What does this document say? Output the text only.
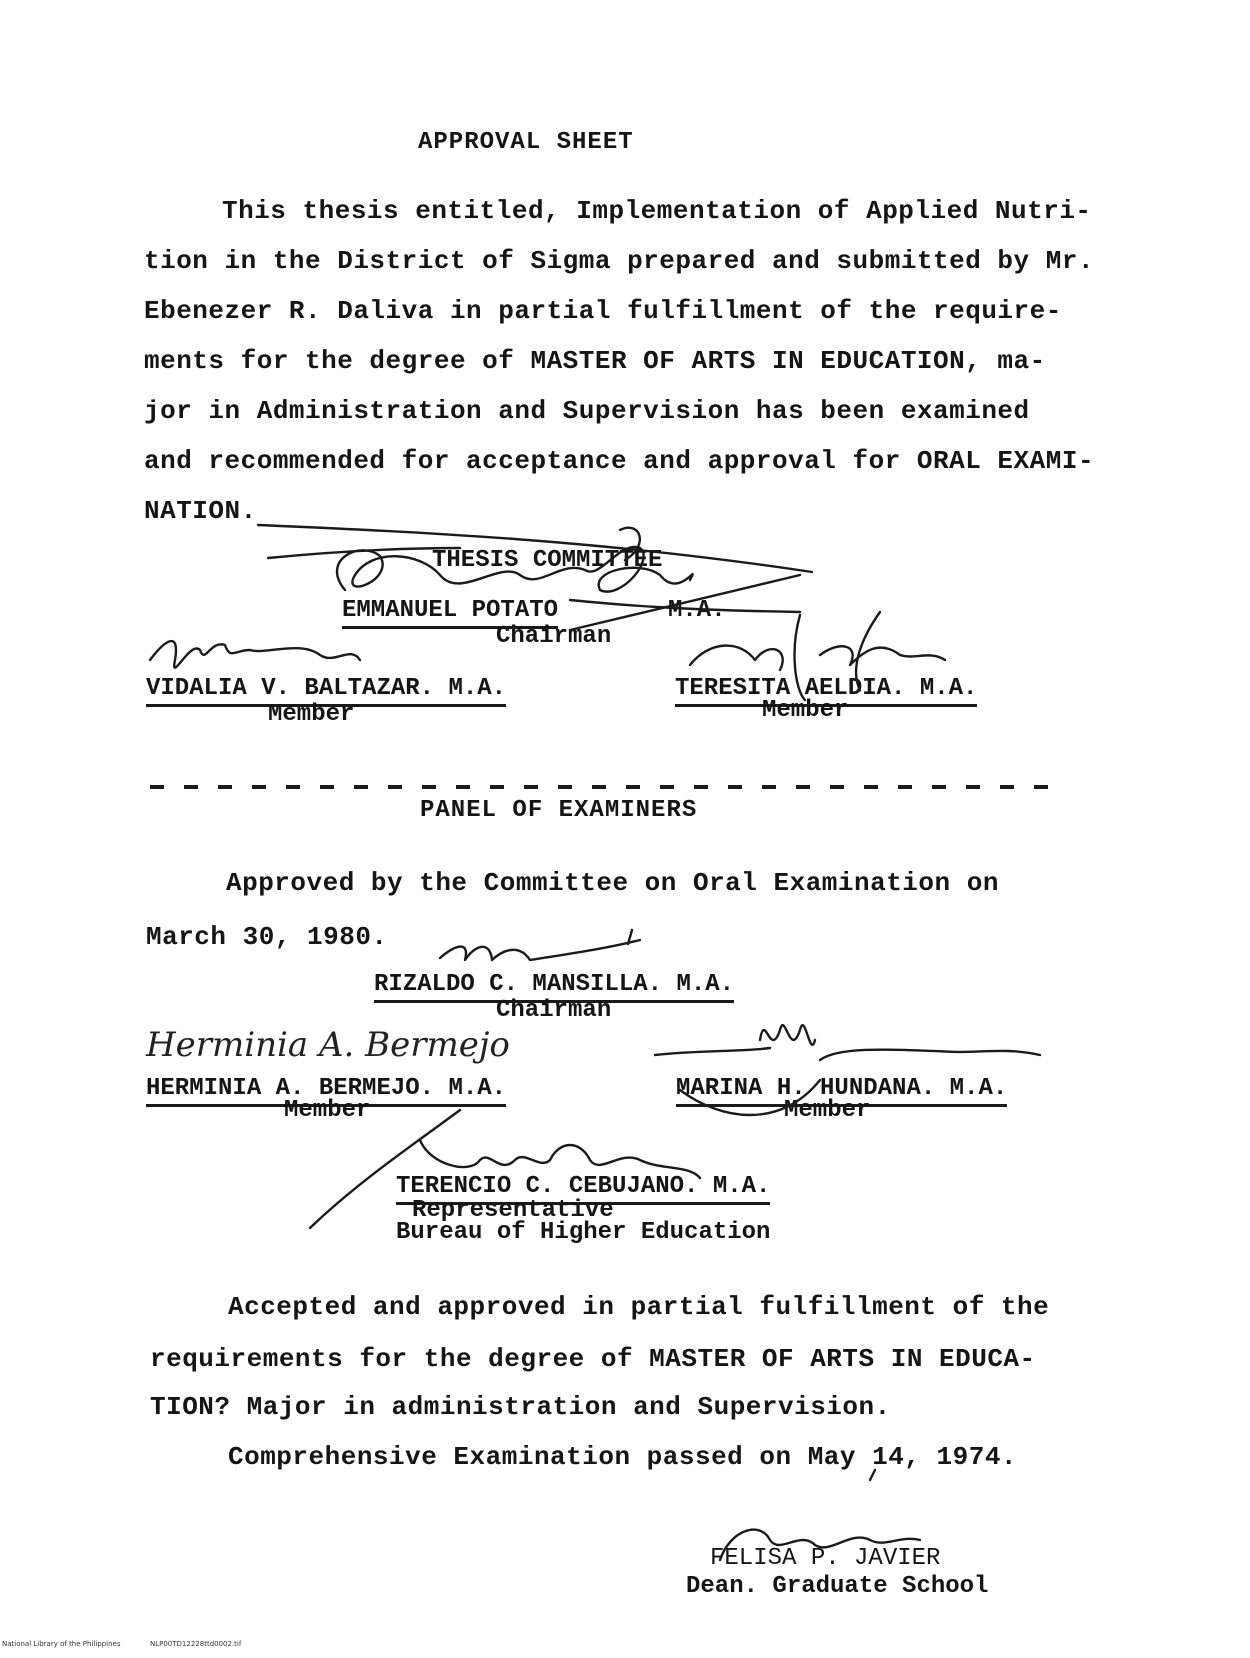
APPROVAL SHEET
This thesis entitled, Implementation of Applied Nutri-
tion in the District of Sigma prepared and submitted by Mr.
Ebenezer R. Daliva in partial fulfillment of the require-
ments for the degree of MASTER OF ARTS IN EDUCATION, ma-
jor in Administration and Supervision has been examined
and recommended for acceptance and approval for ORAL EXAMI-
NATION.
THESIS COMMITTEE
EMMANUEL POTATO	M.A.
Chairman
VIDALIA V. BALTAZAR. M.A.
Member
TERESITA AELDIA. M.A.
Member
PANEL OF EXAMINERS
Approved by the Committee on Oral Examination on
March 30, 1980.
RIZALDO C. MANSILLA. M.A.
Chairman
HERMINIA A. BERMEJO. M.A.
Member
Herminia A. Bermejo
MARINA H. HUNDANA. M.A.
Member
TERENCIO C. CEBUJANO. M.A.
Representative
Bureau of Higher Education
Accepted and approved in partial fulfillment of the
requirements for the degree of MASTER OF ARTS IN EDUCA-
TION? Major in administration and Supervision.
Comprehensive Examination passed on May 14, 1974.
FELISA P. JAVIER
Dean. Graduate School
National Library of the Philippines	NLP00TD12228ttd0002.tif
